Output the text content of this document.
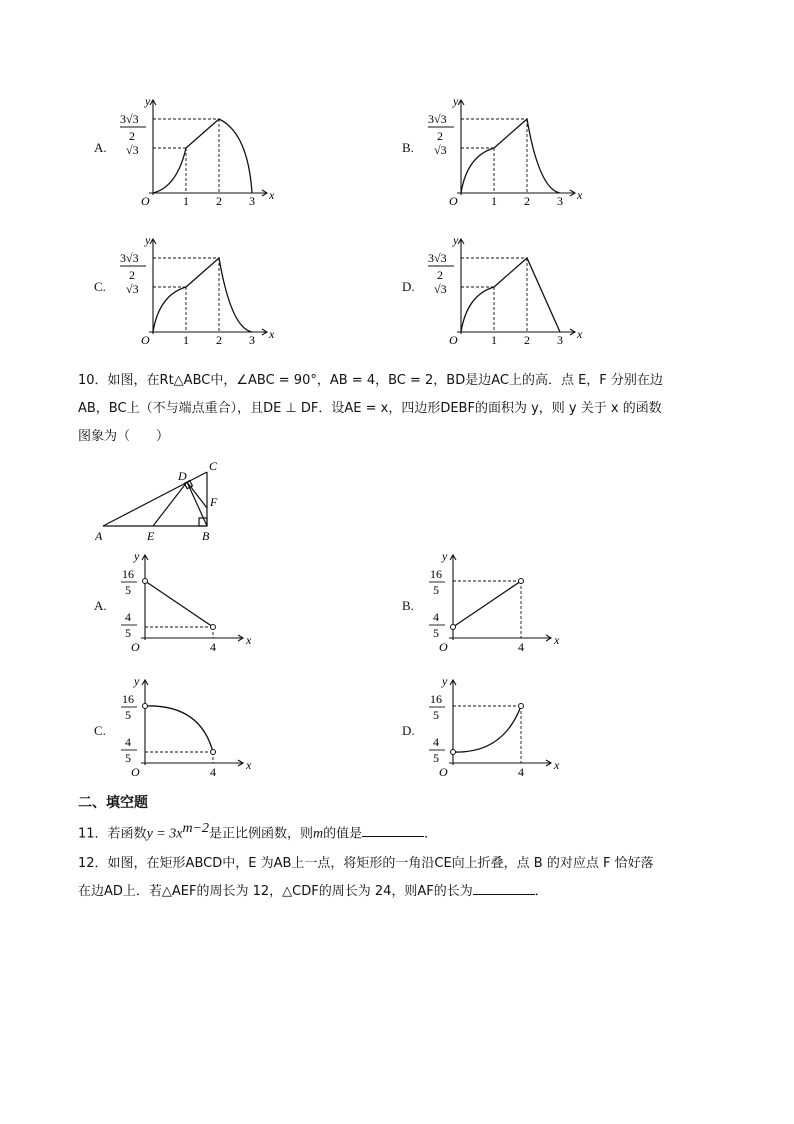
A.
y
x
O
3√3
2
√3
1 2 3
B.
y
x
O
3√3
2
√3
1 2 3
C.
y
x
O
3√3
2
√3
1 2 3
D.
y
x
O
3√3
2
√3
1 2 3
10．如图，在Rt△ABC中，∠ABC = 90°，AB = 4，BC = 2，BD是边AC上的高．点 E，F 分别在边
AB，BC上（不与端点重合），且DE ⊥ DF．设AE = x，四边形DEBF的面积为 y，则 y 关于 x 的函数
图象为（　　）
A	E	B
C
D
F
A.
y
x
O
16
5
4
5
4
B.
y
x
O
16
5
4
5
4
C.
y
x
O
16
5
4
5
4
D.
y
x
O
16
5
4
5
4
二、填空题
11．若函数$y = 3x^{m-2}$是正比例函数，则m的值是	．
12．如图，在矩形ABCD中，E 为AB上一点，将矩形的一角沿CE向上折叠，点 B 的对应点 F 恰好落
在边AD上．若△AEF的周长为 12，△CDF的周长为 24，则AF的长为	．
